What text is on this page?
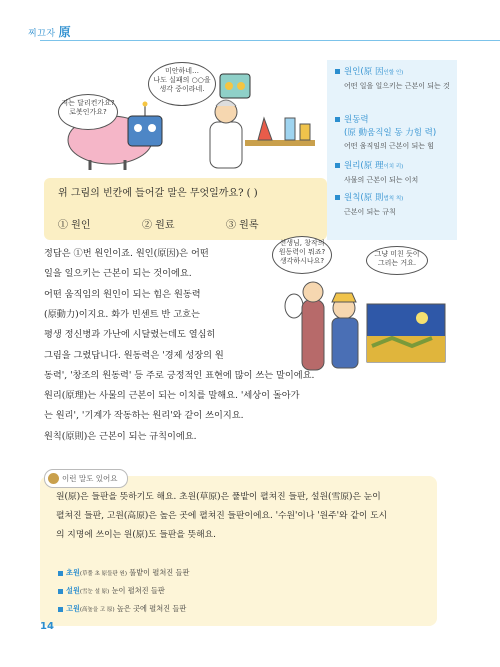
찌끄자 原
저는 달리컨가요?
로봇인가요?
미안하네…
나도 실패의 ○○을
생각 중이라네.
위 그림의 빈칸에 들어갈 말은 무엇일까요? ( )
① 원인	② 원료	③ 원록
원인(原 因인할 인)
어떤 일을 일으키는 근본이 되는 것
원동력
(原 動움직일 동 力힘 력)
어떤 움직임의 근본이 되는 힘
원리(原 理이치 리)
사물의 근본이 되는 이치
원칙(原 則법칙 칙)
근본이 되는 규칙
정답은 ①번 원인이죠. 원인(原因)은 어떤
일을 일으키는 근본이 되는 것이에요.
어떤 움직임의 원인이 되는 힘은 원동력
(原動力)이지요. 화가 빈센트 반 고흐는
평생 정신병과 가난에 시달렸는데도 열심히
그림을 그렸답니다. 원동력은 '경제 성장의 원
동력', '창조의 원동력' 등 주로 긍정적인 표현에 많이 쓰는 말이에요.
원리(原理)는 사물의 근본이 되는 이치를 말해요. '세상이 돌아가
는 원리', '기계가 작동하는 원리'와 같이 쓰이지요.
원칙(原則)은 근본이 되는 규칙이에요.
선생님, 창작의
원동력이 뭐죠?
생각하시나요?
그냥 미친 듯이
그리는 거요.
이런 말도 있어요
원(原)은 들판을 뜻하기도 해요. 초원(草原)은 풀밭이 펼쳐진 들판, 설원(雪原)은 눈이
펼쳐진 들판, 고원(高原)은 높은 곳에 펼쳐진 들판이에요. '수원'이나 '원주'와 같이 도시
의 지명에 쓰이는 원(原)도 들판을 뜻해요.
초원(草풀 초 原들판 원) 풀밭이 펼쳐진 들판
설원(雪눈 설 原) 눈이 펼쳐진 들판
고원(高높을 고 原) 높은 곳에 펼쳐진 들판
14
